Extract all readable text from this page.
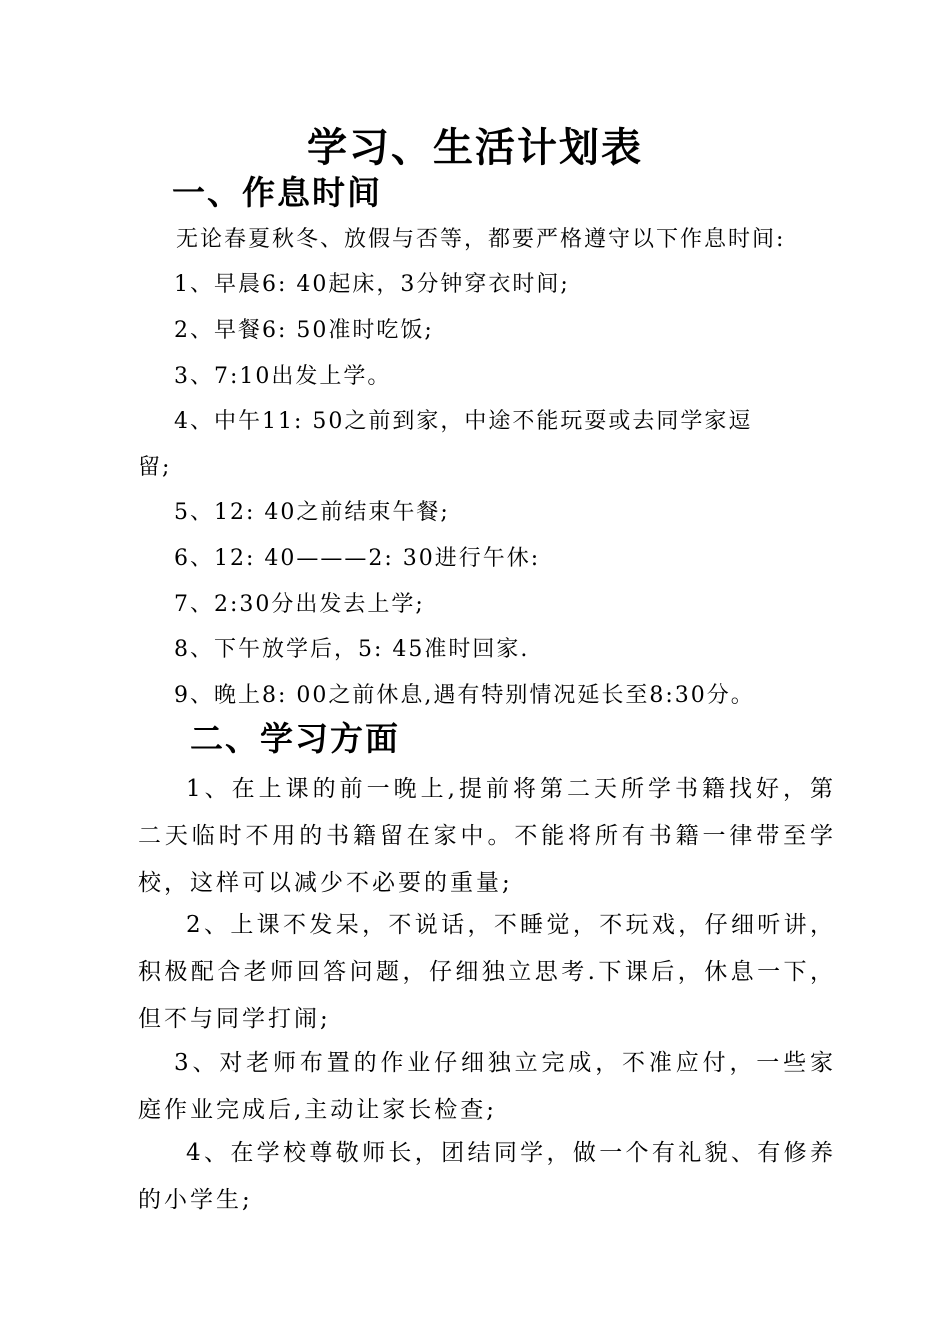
学习、生活计划表
一、作息时间

无论春夏秋冬、放假与否等，都要严格遵守以下作息时间:

1、早晨6: 40起床，3分钟穿衣时间;

2、早餐6: 50准时吃饭;

3、7:10出发上学。

4、中午11: 50之前到家，中途不能玩耍或去同学家逗

留;

5、12: 40之前结束午餐;

6、12: 40———2: 30进行午休:

7、2:30分出发去上学;

8、下午放学后，5: 45准时回家.

9、晚上8: 00之前休息,遇有特别情况延长至8:30分。

二、学习方面

1、在上课的前一晚上,提前将第二天所学书籍找好，第二天临时不用的书籍留在家中。不能将所有书籍一律带至学校，这样可以减少不必要的重量;

2、上课不发呆，不说话，不睡觉，不玩戏，仔细听讲，积极配合老师回答问题，仔细独立思考.下课后，休息一下，但不与同学打闹;

3、对老师布置的作业仔细独立完成，不准应付，一些家庭作业完成后,主动让家长检查;

4、在学校尊敬师长，团结同学，做一个有礼貌、有修养的小学生;
